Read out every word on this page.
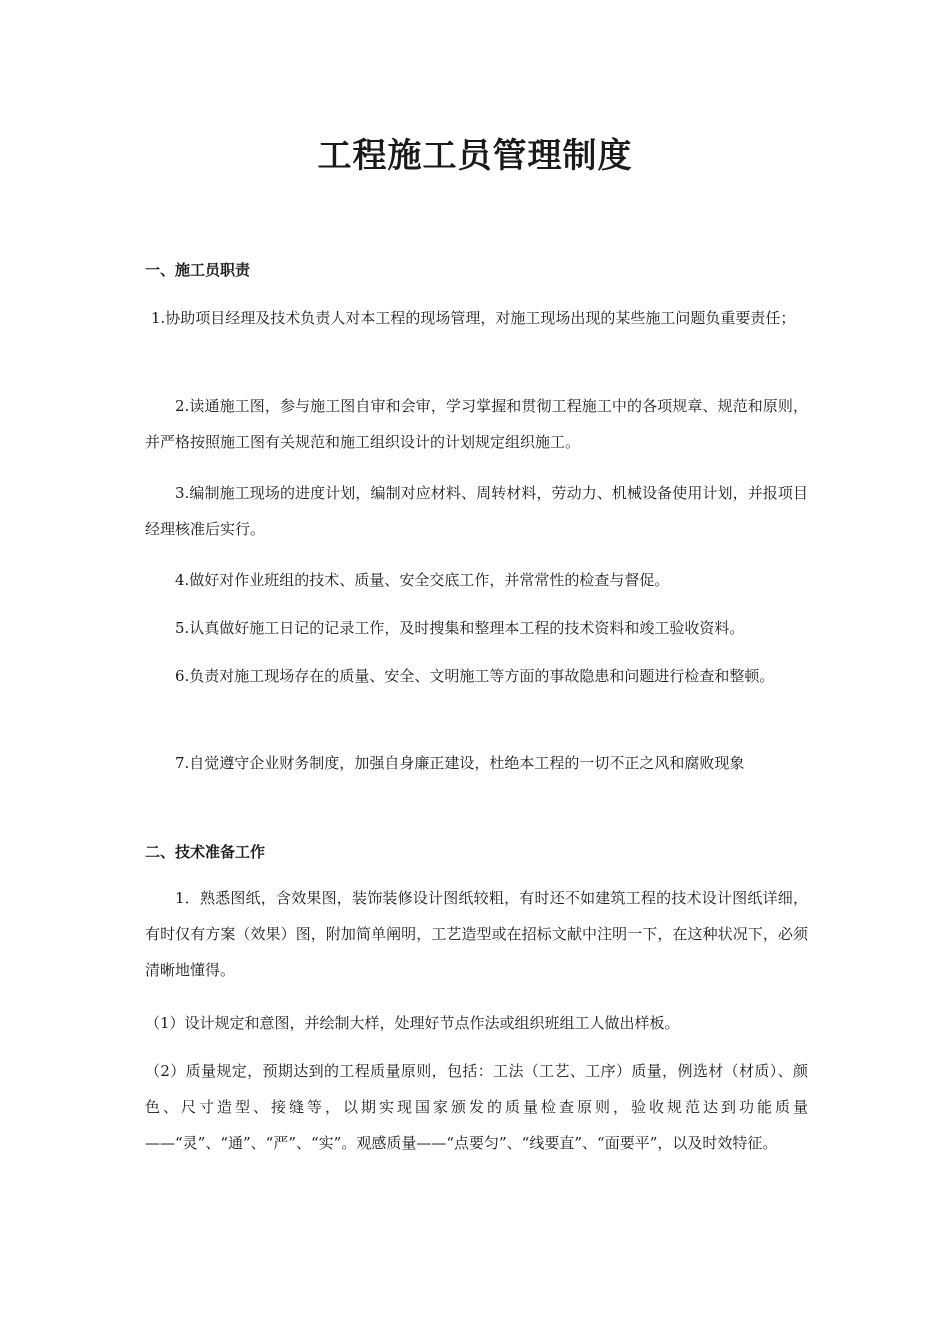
工程施工员管理制度
一、施工员职责

1.协助项目经理及技术负责人对本工程的现场管理，对施工现场出现的某些施工问题负重要责任；

2.读通施工图，参与施工图自审和会审，学习掌握和贯彻工程施工中的各项规章、规范和原则，并严格按照施工图有关规范和施工组织设计的计划规定组织施工。

3.编制施工现场的进度计划，编制对应材料、周转材料，劳动力、机械设备使用计划，并报项目经理核准后实行。

4.做好对作业班组的技术、质量、安全交底工作，并常常性的检查与督促。

5.认真做好施工日记的记录工作，及时搜集和整理本工程的技术资料和竣工验收资料。

6.负责对施工现场存在的质量、安全、文明施工等方面的事故隐患和问题进行检查和整顿。

7.自觉遵守企业财务制度，加强自身廉正建设，杜绝本工程的一切不正之风和腐败现象

二、技术准备工作

1．熟悉图纸，含效果图，装饰装修设计图纸较粗，有时还不如建筑工程的技术设计图纸详细，有时仅有方案（效果）图，附加简单阐明，工艺造型或在招标文献中注明一下，在这种状况下，必须清晰地懂得。

（1）设计规定和意图，并绘制大样，处理好节点作法或组织班组工人做出样板。

（2）质量规定，预期达到的工程质量原则，包括：工法（工艺、工序）质量，例选材（材质）、颜色、尺寸造型、接缝等，以期实现国家颁发的质量检查原则，验收规范达到功能质量——“灵”、“通”、“严”、“实”。观感质量——“点要匀”、“线要直”、“面要平”，以及时效特征。
